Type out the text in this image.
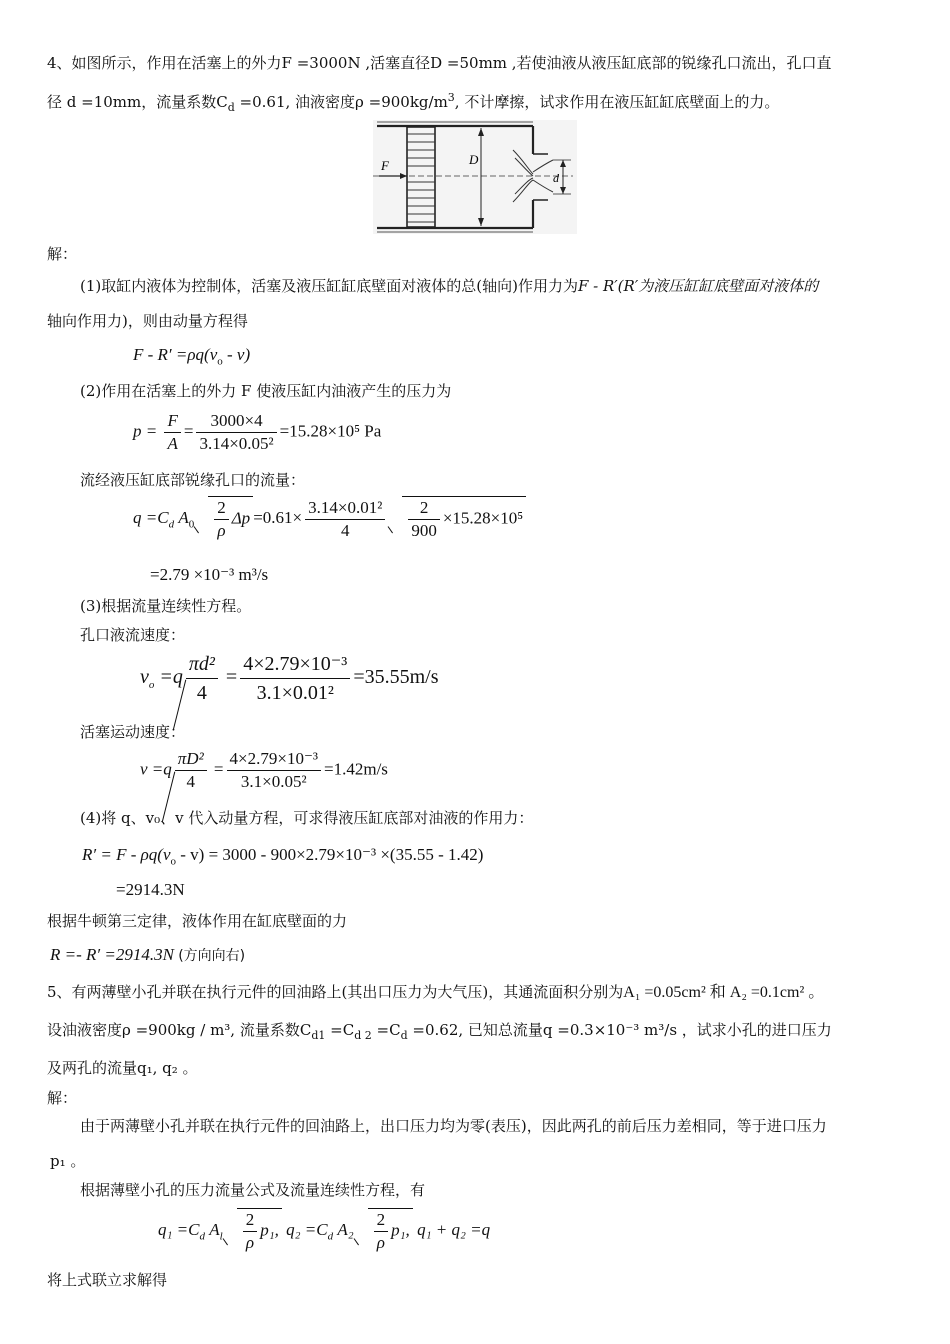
4、如图所示，作用在活塞上的外力F =3000N ,活塞直径D =50mm ,若使油液从液压缸底部的锐缘孔口流出，孔口直
径 d =10mm，流量系数$C_d =0.61$, 油液密度$\rho =900kg/m^3$, 不计摩擦，试求作用在液压缸缸底壁面上的力。
F	D
d
解：
(1)取缸内液体为控制体，活塞及液压缸缸底壁面对液体的总(轴向)作用力为F - R′(R′为液压缸缸底壁面对液体的
轴向作用力)，则由动量方程得
$F - R' =\rho q(v_o - v)$
(2)作用在活塞上的外力 F 使液压缸内油液产生的压力为
$p = \frac{F}{A} = \frac{3000\times 4}{\text{3.14×0.05²}} =15.28\times 10^5$ Pa
流经液压缸底部锐缘孔口的流量：
$q =C_d$ $A_0 \frac{2}{\rho}$ $\Delta p =0.61\times \frac{\text{3.14×0.01²}}{4} \frac{2}{900} \times 15.28\times 10^5$
=2.79 ×10⁻³ m³/s
(3)根据流量连续性方程。
孔口液流速度：
$v_o =q \frac{\text{πd²}}{4} = \frac{\text{4×2.79×10⁻³}}{\text{3.1×0.01²}} =35.55m/s$
活塞运动速度：
$v =q \frac{\text{πD²}}{4} = \frac{\text{4×2.79×10⁻³}}{\text{3.1×0.05²}} =1.42m/s$
(4)将 q、v₀、v 代入动量方程，可求得液压缸底部对油液的作用力：
$R' = F - \rho q(v_o - v) = 3000 - 900\times 2.79\times 10^{-3} \times(35.55 - 1.42)$
=2914.3N
根据牛顿第三定律，液体作用在缸底壁面的力
R =- R′ =2914.3N (方向向右)
5、有两薄壁小孔并联在执行元件的回油路上(其出口压力为大气压)，其通流面积分别为A₁ =0.05cm² 和 A₂ =0.1cm² 。
设油液密度ρ =900kg / m³, 流量系数$C_{d1} =C_{d 2} =C_d =0.62$, 已知总流量q =0.3×10⁻³ m³/s ，试求小孔的进口压力
及两孔的流量q₁, q₂ 。
解：
由于两薄壁小孔并联在执行元件的回油路上，出口压力均为零(表压)，因此两孔的前后压力差相同，等于进口压力
p₁ 。
根据薄壁小孔的压力流量公式及流量连续性方程，有
$q_1 =C_d$ $A_l \frac{2}{\rho} p_1$, $q_2 =C_d$ $A_2 \frac{2}{\rho} p_1$, q₁ + q₂ =q
将上式联立求解得
